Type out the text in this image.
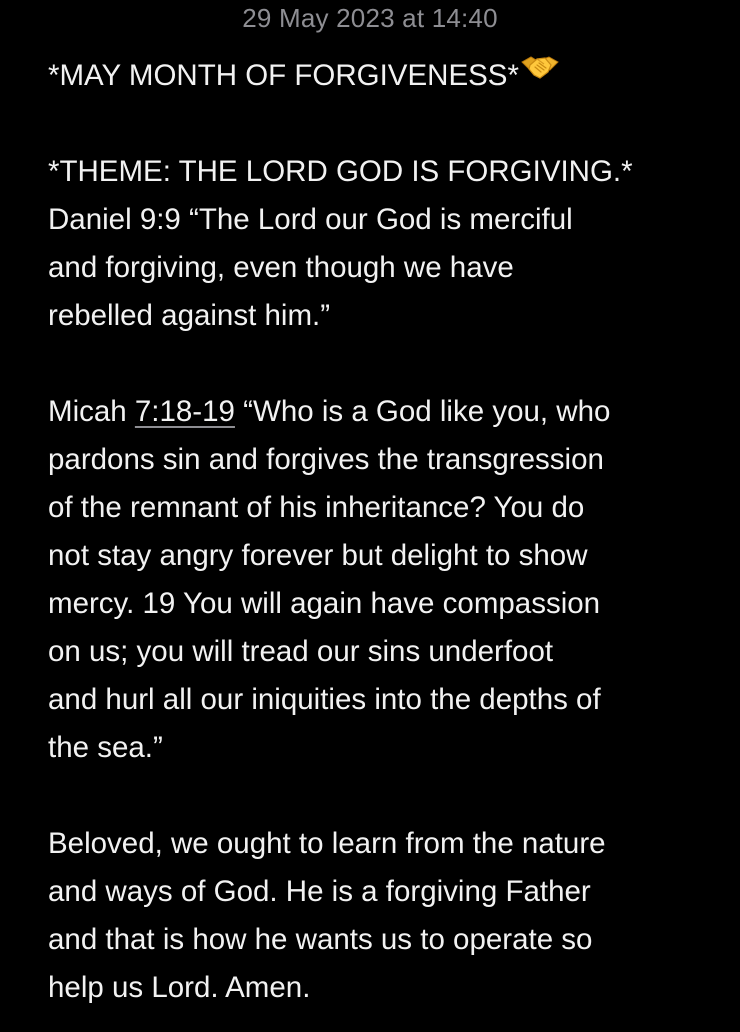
29 May 2023 at 14:40
*MAY MONTH OF FORGIVENESS*
*THEME: THE LORD GOD IS FORGIVING.*
Daniel 9:9 “The Lord our God is merciful
and forgiving, even though we have
rebelled against him.”
Micah 7:18-19 “Who is a God like you, who
pardons sin and forgives the transgression
of the remnant of his inheritance? You do
not stay angry forever but delight to show
mercy. 19 You will again have compassion
on us; you will tread our sins underfoot
and hurl all our iniquities into the depths of
the sea.”
Beloved, we ought to learn from the nature
and ways of God. He is a forgiving Father
and that is how he wants us to operate so
help us Lord. Amen.
